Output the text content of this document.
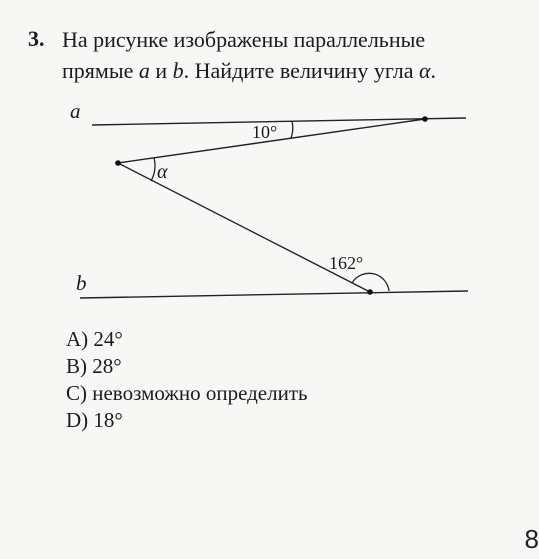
3. На рисунке изображены параллельные
прямые a и b. Найдите величину угла α.
a
b
10°
α
162°
A) 24°
B) 28°
C) невозможно определить
D) 18°
8
